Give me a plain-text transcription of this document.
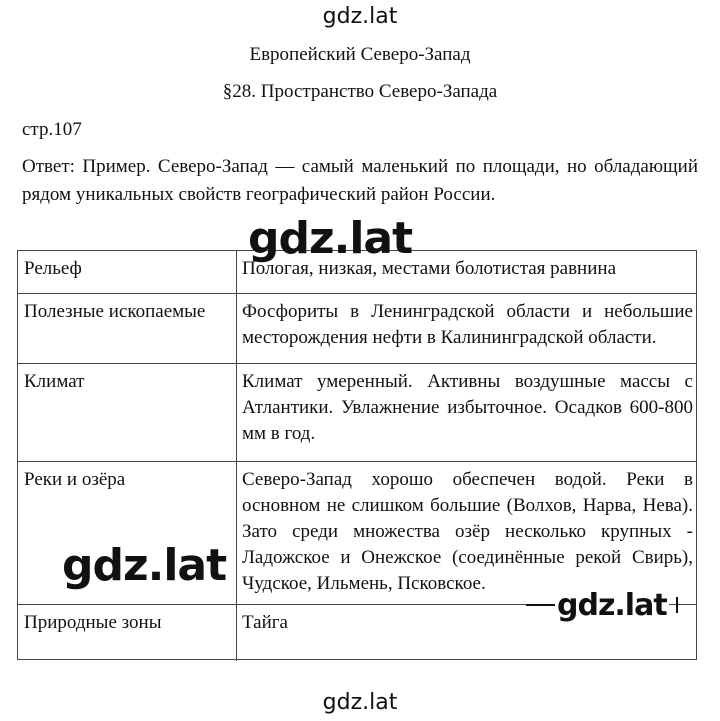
gdz.lat
Европейский Северо-Запад
§28. Пространство Северо-Запада
стр.107
Ответ: Пример. Северо-Запад — самый маленький по площади, но обладающий рядом уникальных свойств географический район России.
Рельеф	Пологая, низкая, местами болотистая равнина
Полезные ископаемые	Фосфориты в Ленинградской области и небольшие месторождения нефти в Калининградской области.
Климат	Климат умеренный. Активны воздушные массы с Атлантики. Увлажнение избыточное. Осадков 600-800 мм в год.
Реки и озёра	Северо-Запад хорошо обеспечен водой. Реки в основном не слишком большие (Волхов, Нарва, Нева). Зато среди множества озёр несколько крупных - Ладожское и Онежское (соединённые рекой Свирь), Чудское, Ильмень, Псковское.
Природные зоны	Тайга
gdz.lat
gdz.lat
gdz.lat
gdz.lat
